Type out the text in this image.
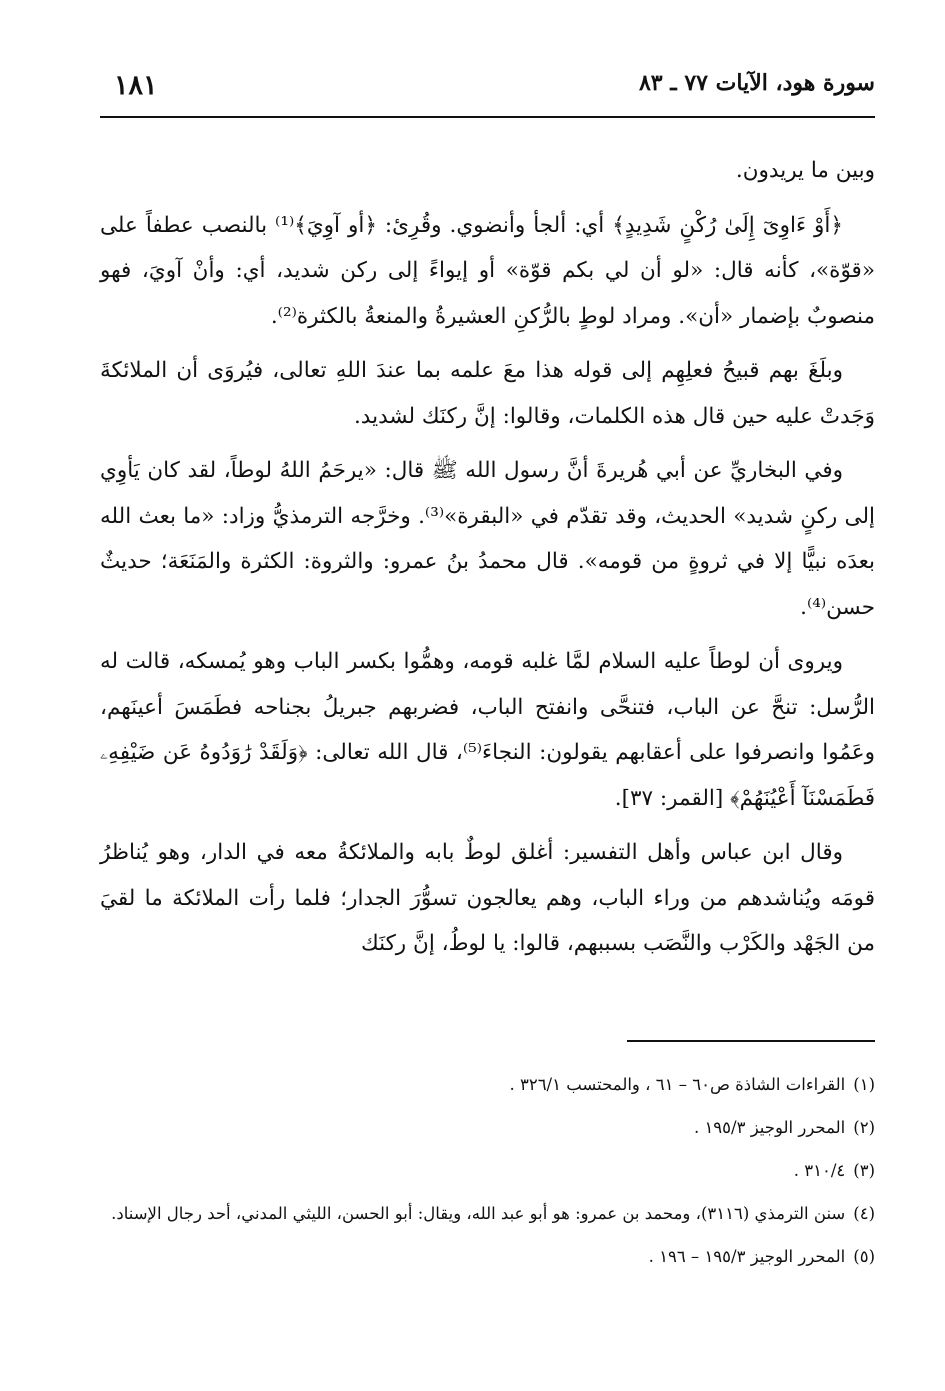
سورة هود، الآيات ٧٧ ـ ٨٣
١٨١

وبين ما يريدون.

﴿أَوْ ءَاوِىٓ إِلَىٰ رُكْنٍ شَدِيدٍ﴾ أي: ألجأ وأنضوي. وقُرِئ: ﴿أو آوِيَ﴾⁽¹⁾ بالنصب عطفاً على «قوّة»، كأنه قال: «لو أن لي بكم قوّة» أو إيواءً إلى ركن شديد، أي: وأنْ آويَ، فهو منصوبٌ بإضمار «أن». ومراد لوطٍ بالرُّكنِ العشيرةُ والمنعةُ بالكثرة⁽²⁾.

وبلَغَ بهم قبيحُ فعلِهِم إلى قوله هذا معَ علمه بما عندَ اللهِ تعالى، فيُروَى أن الملائكةَ وَجَدتْ عليه حين قال هذه الكلمات، وقالوا: إنَّ ركنَك لشديد.

وفي البخاريِّ عن أبي هُريرةَ أنَّ رسول الله ﷺ قال: «يرحَمُ اللهُ لوطاً، لقد كان يَأوِي إلى ركنٍ شديد» الحديث، وقد تقدّم في «البقرة»⁽³⁾. وخرَّجه الترمذيُّ وزاد: «ما بعث الله بعدَه نبيًّا إلا في ثروةٍ من قومه». قال محمدُ بنُ عمرو: والثروة: الكثرة والمَنَعَة؛ حديثٌ حسن⁽⁴⁾.

ويروى أن لوطاً عليه السلام لمَّا غلبه قومه، وهمُّوا بكسر الباب وهو يُمسكه، قالت له الرُّسل: تنحَّ عن الباب، فتنحَّى وانفتح الباب، فضربهم جبريلُ بجناحه فطَمَسَ أعينَهم، وعَمُوا وانصرفوا على أعقابهم يقولون: النجاءَ⁽⁵⁾، قال الله تعالى: ﴿وَلَقَدْ رَٰوَدُوهُ عَن ضَيْفِهِۦ فَطَمَسْنَآ أَعْيُنَهُمْ﴾ [القمر: ٣٧].

وقال ابن عباس وأهل التفسير: أغلق لوطٌ بابه والملائكةُ معه في الدار، وهو يُناظرُ قومَه ويُناشدهم من وراء الباب، وهم يعالجون تسوُّرَ الجدار؛ فلما رأت الملائكة ما لقيَ من الجَهْد والكَرْب والنَّصَب بسببهم، قالوا: يا لوطُ، إنَّ ركنَك

(١)القراءات الشاذة ص٦٠ – ٦١ ، والمحتسب ٣٢٦/١ .

(٢)المحرر الوجيز ١٩٥/٣ .

(٣)٣١٠/٤ .

(٤)سنن الترمذي (٣١١٦)، ومحمد بن عمرو: هو أبو عبد الله، ويقال: أبو الحسن، الليثي المدني، أحد رجال الإسناد.

(٥)المحرر الوجيز ١٩٥/٣ – ١٩٦ .
